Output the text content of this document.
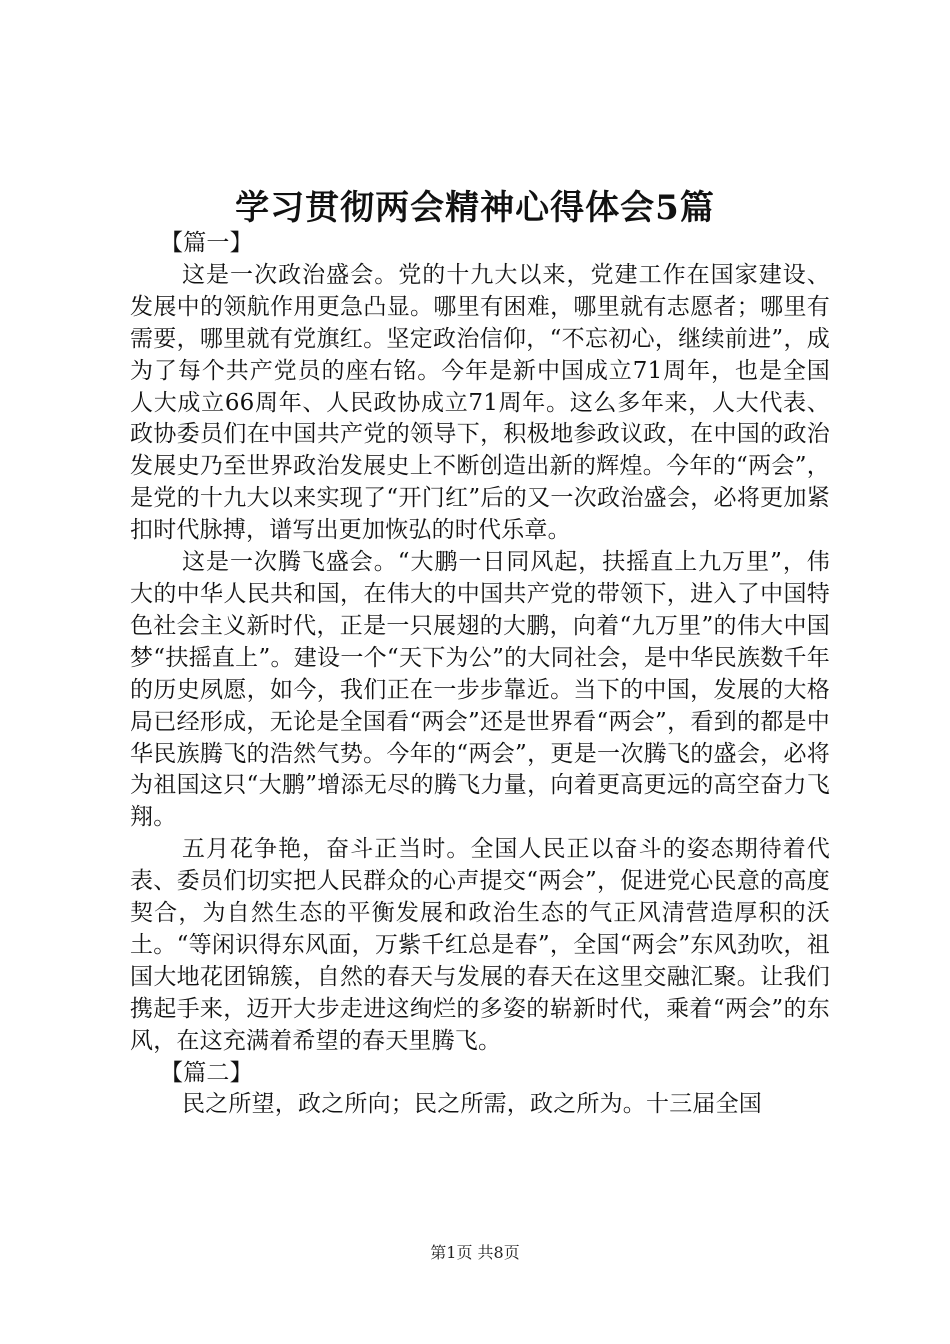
学习贯彻两会精神心得体会5篇

【篇一】

这是一次政治盛会。党的十九大以来，党建工作在国家建设、发展中的领航作用更急凸显。哪里有困难，哪里就有志愿者；哪里有需要，哪里就有党旗红。坚定政治信仰，“不忘初心，继续前进”，成为了每个共产党员的座右铭。今年是新中国成立71周年，也是全国人大成立66周年、人民政协成立71周年。这么多年来，人大代表、政协委员们在中国共产党的领导下，积极地参政议政，在中国的政治发展史乃至世界政治发展史上不断创造出新的辉煌。今年的“两会”，是党的十九大以来实现了“开门红”后的又一次政治盛会，必将更加紧扣时代脉搏，谱写出更加恢弘的时代乐章。

这是一次腾飞盛会。“大鹏一日同风起，扶摇直上九万里”，伟大的中华人民共和国，在伟大的中国共产党的带领下，进入了中国特色社会主义新时代，正是一只展翅的大鹏，向着“九万里”的伟大中国梦“扶摇直上”。建设一个“天下为公”的大同社会，是中华民族数千年的历史夙愿，如今，我们正在一步步靠近。当下的中国，发展的大格局已经形成，无论是全国看“两会”还是世界看“两会”，看到的都是中华民族腾飞的浩然气势。今年的“两会”，更是一次腾飞的盛会，必将为祖国这只“大鹏”增添无尽的腾飞力量，向着更高更远的高空奋力飞翔。

五月花争艳，奋斗正当时。全国人民正以奋斗的姿态期待着代表、委员们切实把人民群众的心声提交“两会”，促进党心民意的高度契合，为自然生态的平衡发展和政治生态的气正风清营造厚积的沃土。“等闲识得东风面，万紫千红总是春”，全国“两会”东风劲吹，祖国大地花团锦簇，自然的春天与发展的春天在这里交融汇聚。让我们携起手来，迈开大步走进这绚烂的多姿的崭新时代，乘着“两会”的东风，在这充满着希望的春天里腾飞。

【篇二】

民之所望，政之所向；民之所需，政之所为。十三届全国

第1页 共8页
